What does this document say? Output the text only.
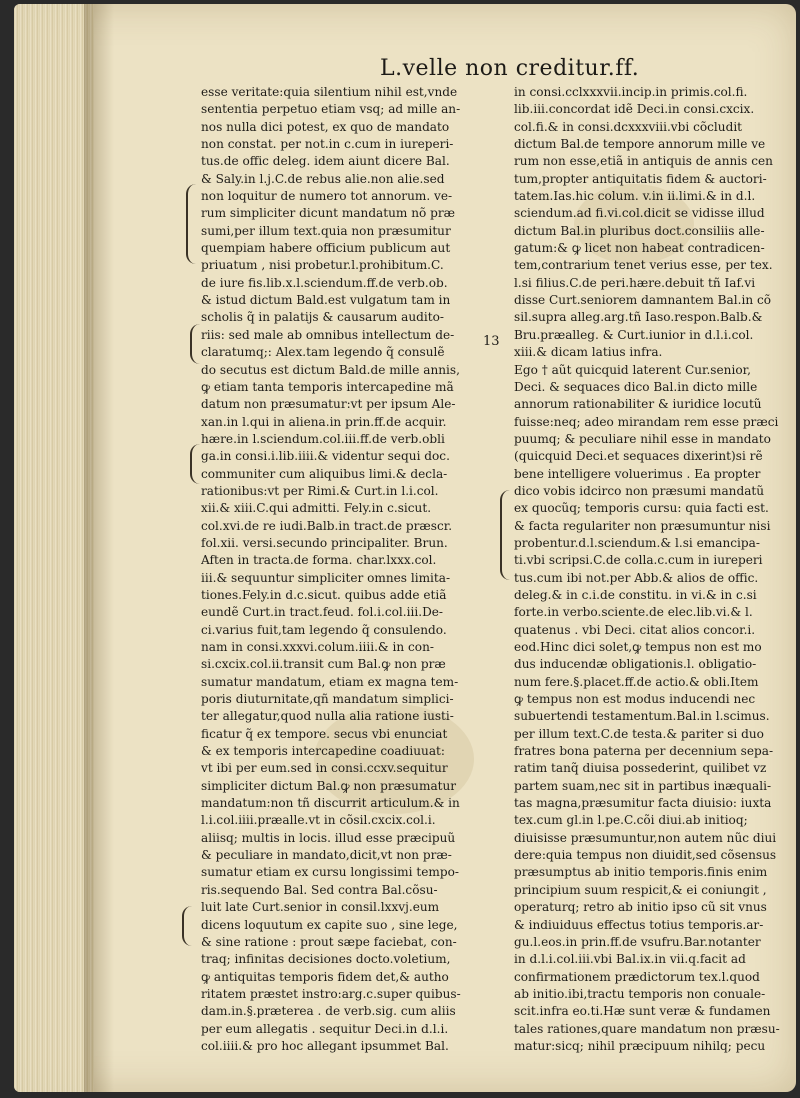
L.velle non creditur.ff.
esse veritate:quia silentium nihil est,vnde
sententia perpetuo etiam vsq; ad mille an-
nos nulla dici potest, ex quo de mandato
non constat. per not.in c.cum in iureperi-
tus.de offic deleg. idem aiunt dicere Bal.
& Saly.in l.j.C.de rebus alie.non alie.sed
non loquitur de numero tot annorum. ve-
rum simpliciter dicunt mandatum nõ præ
sumi,per illum text.quia non præsumitur
quempiam habere officium publicum aut
priuatum , nisi probetur.l.prohibitum.C.
de iure fis.lib.x.l.sciendum.ff.de verb.ob.
& istud dictum Bald.est vulgatum tam in
scholis q̃ in palatijs & causarum audito-
riis: sed male ab omnibus intellectum de-
claratumq;: Alex.tam legendo q̃ consulẽ
do secutus est dictum Bald.de mille annis,
ꝙ etiam tanta temporis intercapedine mã
datum non præsumatur:vt per ipsum Ale-
xan.in l.qui in aliena.in prin.ff.de acquir.
hære.in l.sciendum.col.iii.ff.de verb.obli
ga.in consi.i.lib.iiii.& videntur sequi doc.
communiter cum aliquibus limi.& decla-
rationibus:vt per Rimi.& Curt.in l.i.col.
xii.& xiii.C.qui admitti. Fely.in c.sicut.
col.xvi.de re iudi.Balb.in tract.de præscr.
fol.xii. versi.secundo principaliter. Brun.
Aften in tracta.de forma. char.lxxx.col.
iii.& sequuntur simpliciter omnes limita-
tiones.Fely.in d.c.sicut. quibus adde etiã
eundẽ Curt.in tract.feud. fol.i.col.iii.De-
ci.varius fuit,tam legendo q̃ consulendo.
nam in consi.xxxvi.colum.iiii.& in con-
si.cxcix.col.ii.transit cum Bal.ꝙ non præ
sumatur mandatum, etiam ex magna tem-
poris diuturnitate,qñ mandatum simplici-
ter allegatur,quod nulla alia ratione iusti-
ficatur q̃ ex tempore. secus vbi enunciat
& ex temporis intercapedine coadiuuat:
vt ibi per eum.sed in consi.ccxv.sequitur
simpliciter dictum Bal.ꝙ non præsumatur
mandatum:non tñ discurrit articulum.& in
l.i.col.iiii.præalle.vt in cõsil.cxcix.col.i.
aliisq; multis in locis. illud esse præcipuũ
& peculiare in mandato,dicit,vt non præ-
sumatur etiam ex cursu longissimi tempo-
ris.sequendo Bal. Sed contra Bal.cõsu-
luit late Curt.senior in consil.lxxvj.eum
dicens loquutum ex capite suo , sine lege,
& sine ratione : prout sæpe faciebat, con-
traq; infinitas decisiones docto.voletium,
ꝙ antiquitas temporis fidem det,& autho
ritatem præstet instro:arg.c.super quibus-
dam.in.§.præterea . de verb.sig. cum aliis
per eum allegatis . sequitur Deci.in d.l.i.
col.iiii.& pro hoc allegant ipsummet Bal.
in consi.cclxxxvii.incip.in primis.col.fi.
lib.iii.concordat idẽ Deci.in consi.cxcix.
col.fi.& in consi.dcxxxviii.vbi cõcludit
dictum Bal.de tempore annorum mille ve
rum non esse,etiã in antiquis de annis cen
tum,propter antiquitatis fidem & auctori-
tatem.Ias.hic colum. v.in ii.limi.& in d.l.
sciendum.ad fi.vi.col.dicit se vidisse illud
dictum Bal.in pluribus doct.consiliis alle-
gatum:& ꝙ licet non habeat contradicen-
tem,contrarium tenet verius esse, per tex.
l.si filius.C.de peri.hære.debuit tñ Iaf.vi
disse Curt.seniorem damnantem Bal.in cõ
sil.supra alleg.arg.tñ Iaso.respon.Balb.&
Bru.præalleg. & Curt.iunior in d.l.i.col.
xiii.& dicam latius infra.
Ego † aũt quicquid laterent Cur.senior,
Deci. & sequaces dico Bal.in dicto mille
annorum rationabiliter & iuridice locutũ
fuisse:neq; adeo mirandam rem esse præci
puumq; & peculiare nihil esse in mandato
(quicquid Deci.et sequaces dixerint)si rẽ
bene intelligere voluerimus . Ea propter
dico vobis idcirco non præsumi mandatũ
ex quocũq; temporis cursu: quia facti est.
& facta regulariter non præsumuntur nisi
probentur.d.l.sciendum.& l.si emancipa-
ti.vbi scripsi.C.de colla.c.cum in iureperi
tus.cum ibi not.per Abb.& alios de offic.
deleg.& in c.i.de constitu. in vi.& in c.si
forte.in verbo.sciente.de elec.lib.vi.& l.
quatenus . vbi Deci. citat alios concor.i.
eod.Hinc dici solet,ꝙ tempus non est mo
dus inducendæ obligationis.l. obligatio-
num fere.§.placet.ff.de actio.& obli.Item
ꝙ tempus non est modus inducendi nec
subuertendi testamentum.Bal.in l.scimus.
per illum text.C.de testa.& pariter si duo
fratres bona paterna per decennium sepa-
ratim tanq̃ diuisa possederint, quilibet vz
partem suam,nec sit in partibus inæquali-
tas magna,præsumitur facta diuisio: iuxta
tex.cum gl.in l.pe.C.cõi diui.ab initioq;
diuisisse præsumuntur,non autem nũc diui
dere:quia tempus non diuidit,sed cõsensus
præsumptus ab initio temporis.finis enim
principium suum respicit,& ei coniungit ,
operaturq; retro ab initio ipso cũ sit vnus
& indiuiduus effectus totius temporis.ar-
gu.l.eos.in prin.ff.de vsufru.Bar.notanter
in d.l.i.col.iii.vbi Bal.ix.in vii.q.facit ad
confirmationem prædictorum tex.l.quod
ab initio.ibi,tractu temporis non conuale-
scit.infra eo.ti.Hæ sunt veræ & fundamen
tales rationes,quare mandatum non præsu-
matur:sicq; nihil præcipuum nihilq; pecu
13
